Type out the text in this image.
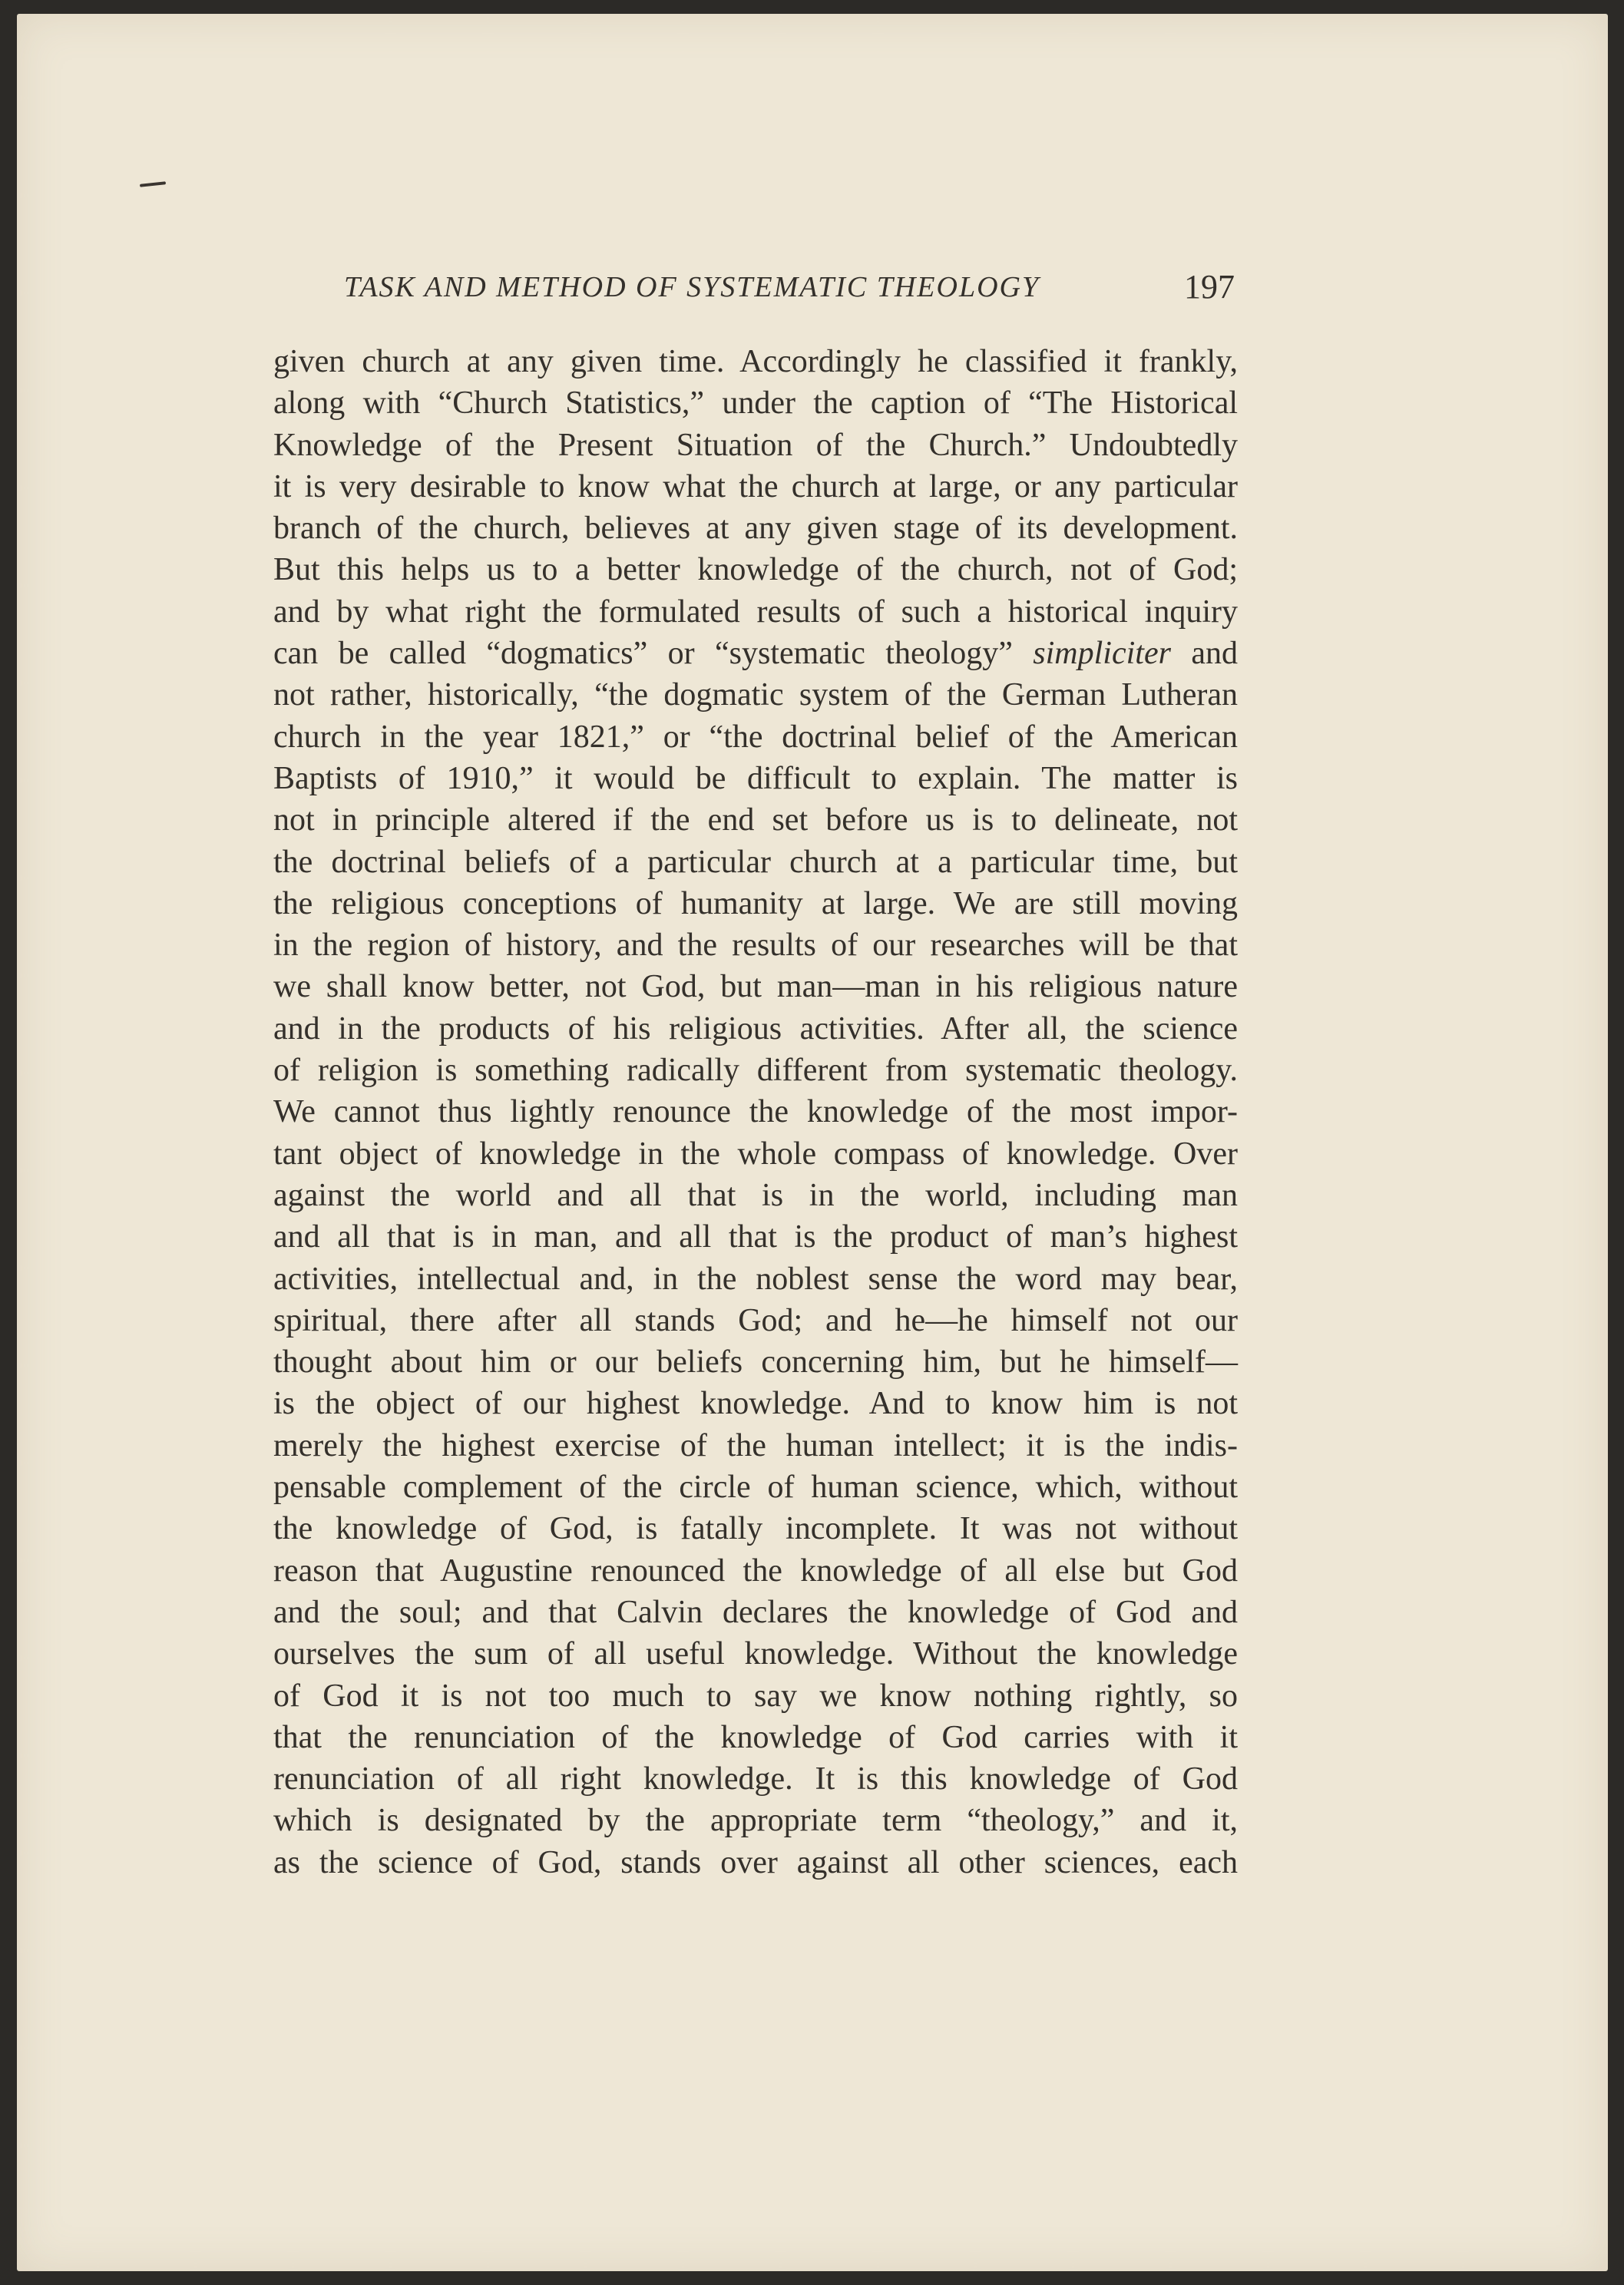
TASK AND METHOD OF SYSTEMATIC THEOLOGY	197
given church at any given time. Accordingly he classified it frankly,
along with “Church Statistics,” under the caption of “The Historical
Knowledge of the Present Situation of the Church.” Undoubtedly
it is very desirable to know what the church at large, or any particular
branch of the church, believes at any given stage of its development.
But this helps us to a better knowledge of the church, not of God;
and by what right the formulated results of such a historical inquiry
can be called “dogmatics” or “systematic theology” simpliciter and
not rather, historically, “the dogmatic system of the German Lutheran
church in the year 1821,” or “the doctrinal belief of the American
Baptists of 1910,” it would be difficult to explain. The matter is
not in principle altered if the end set before us is to delineate, not
the doctrinal beliefs of a particular church at a particular time, but
the religious conceptions of humanity at large. We are still moving
in the region of history, and the results of our researches will be that
we shall know better, not God, but man—man in his religious nature
and in the products of his religious activities. After all, the science
of religion is something radically different from systematic theology.
We cannot thus lightly renounce the knowledge of the most impor-
tant object of knowledge in the whole compass of knowledge. Over
against the world and all that is in the world, including man
and all that is in man, and all that is the product of man’s highest
activities, intellectual and, in the noblest sense the word may bear,
spiritual, there after all stands God; and he—he himself not our
thought about him or our beliefs concerning him, but he himself—
is the object of our highest knowledge. And to know him is not
merely the highest exercise of the human intellect; it is the indis-
pensable complement of the circle of human science, which, without
the knowledge of God, is fatally incomplete. It was not without
reason that Augustine renounced the knowledge of all else but God
and the soul; and that Calvin declares the knowledge of God and
ourselves the sum of all useful knowledge. Without the knowledge
of God it is not too much to say we know nothing rightly, so
that the renunciation of the knowledge of God carries with it
renunciation of all right knowledge. It is this knowledge of God
which is designated by the appropriate term “theology,” and it,
as the science of God, stands over against all other sciences, each
